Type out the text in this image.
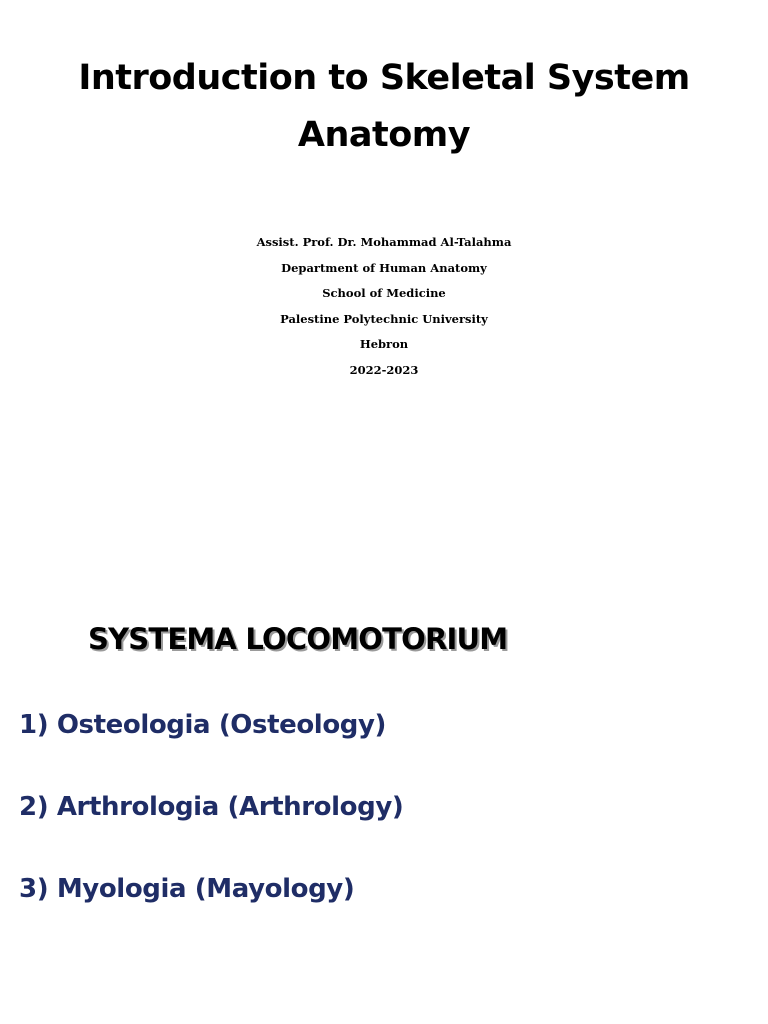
Introduction to Skeletal System
Anatomy
Assist. Prof. Dr. Mohammad Al-Talahma
Department of Human Anatomy
School of Medicine
Palestine Polytechnic University
Hebron
2022-2023
SYSTEMA LOCOMOTORIUM
1) Osteologia (Osteology)
2) Arthrologia (Arthrology)
3) Myologia (Mayology)
